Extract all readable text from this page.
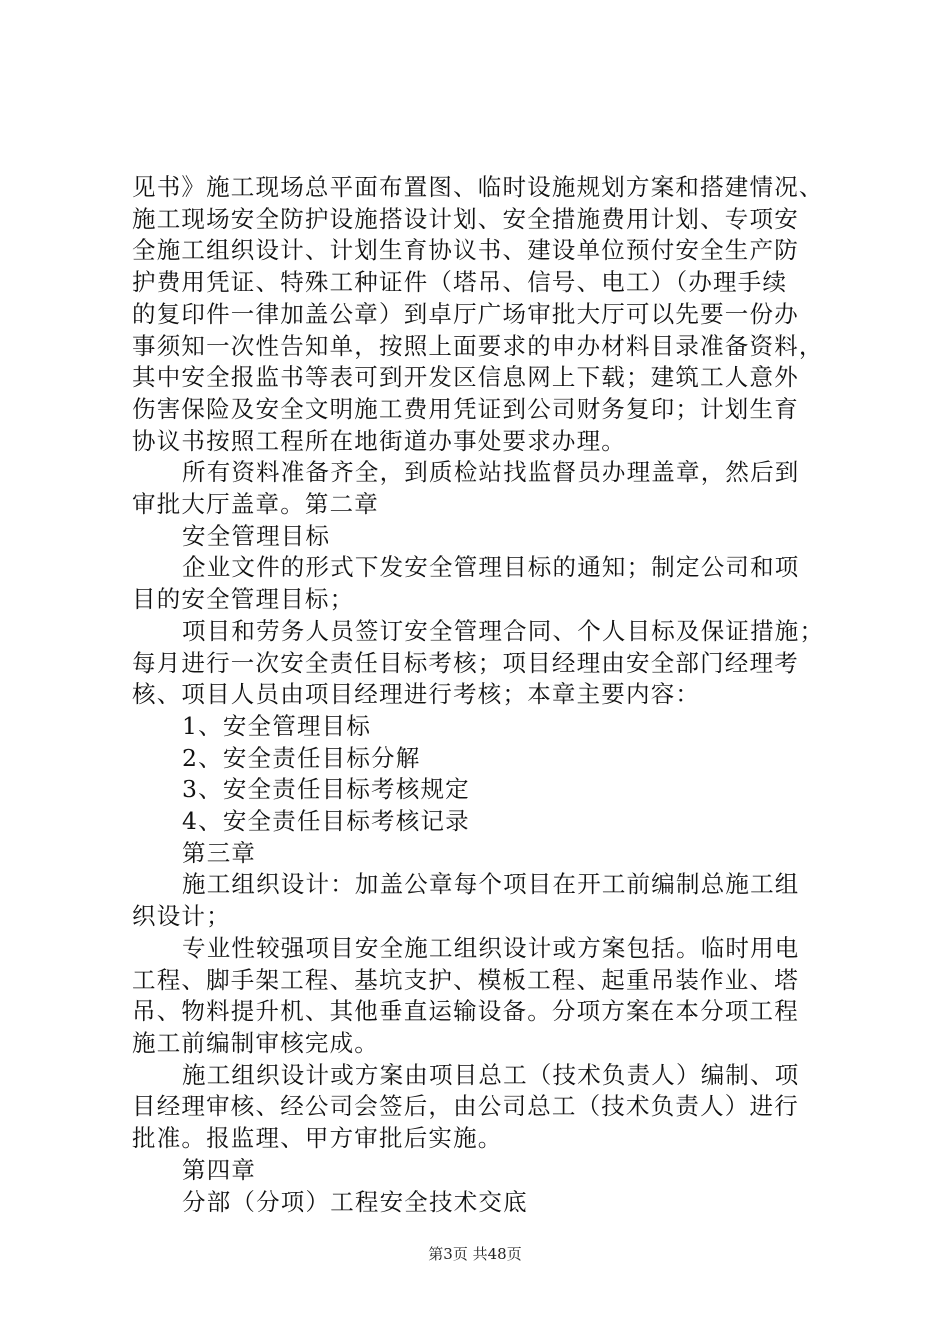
见书》施工现场总平面布置图、临时设施规划方案和搭建情况、
施工现场安全防护设施搭设计划、安全措施费用计划、专项安
全施工组织设计、计划生育协议书、建设单位预付安全生产防
护费用凭证、特殊工种证件（塔吊、信号、电工）（办理手续
的复印件一律加盖公章）到卓厅广场审批大厅可以先要一份办
事须知一次性告知单，按照上面要求的申办材料目录准备资料，
其中安全报监书等表可到开发区信息网上下载；建筑工人意外
伤害保险及安全文明施工费用凭证到公司财务复印；计划生育
协议书按照工程所在地街道办事处要求办理。

所有资料准备齐全，到质检站找监督员办理盖章，然后到
审批大厅盖章。第二章

安全管理目标

企业文件的形式下发安全管理目标的通知；制定公司和项
目的安全管理目标；

项目和劳务人员签订安全管理合同、个人目标及保证措施；
每月进行一次安全责任目标考核；项目经理由安全部门经理考
核、项目人员由项目经理进行考核；本章主要内容：

1、安全管理目标

2、安全责任目标分解

3、安全责任目标考核规定

4、安全责任目标考核记录

第三章

施工组织设计：加盖公章每个项目在开工前编制总施工组
织设计；

专业性较强项目安全施工组织设计或方案包括。临时用电
工程、脚手架工程、基坑支护、模板工程、起重吊装作业、塔
吊、物料提升机、其他垂直运输设备。分项方案在本分项工程
施工前编制审核完成。

施工组织设计或方案由项目总工（技术负责人）编制、项
目经理审核、经公司会签后，由公司总工（技术负责人）进行
批准。报监理、甲方审批后实施。

第四章

分部（分项）工程安全技术交底

第3页 共48页
